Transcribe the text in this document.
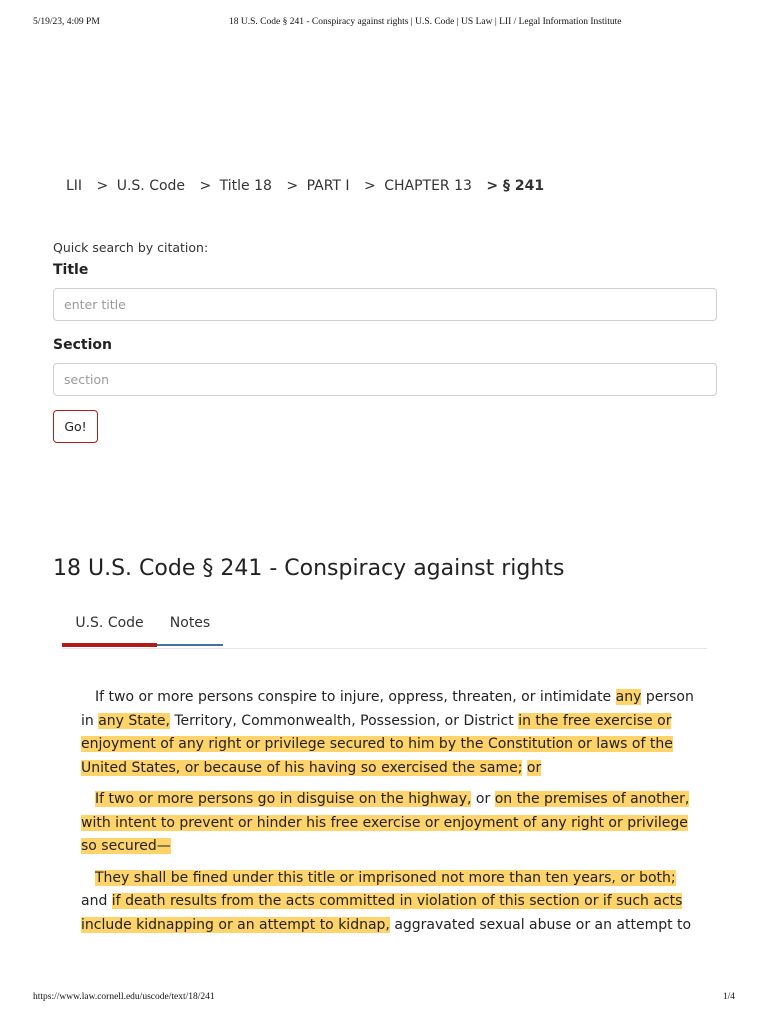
5/19/23, 4:09 PM	18 U.S. Code § 241 - Conspiracy against rights | U.S. Code | US Law | LII / Legal Information Institute
LII > U.S. Code > Title 18 > PART I > CHAPTER 13 > § 241
Quick search by citation:
Title
enter title
Section
section
Go!
18 U.S. Code § 241 - Conspiracy against rights
U.S. Code	Notes

If two or more persons conspire to injure, oppress, threaten, or intimidate any person in any State, Territory, Commonwealth, Possession, or District in the free exercise or enjoyment of any right or privilege secured to him by the Constitution or laws of the United States, or because of his having so exercised the same; or

If two or more persons go in disguise on the highway, or on the premises of another, with intent to prevent or hinder his free exercise or enjoyment of any right or privilege so secured—

They shall be fined under this title or imprisoned not more than ten years, or both; and if death results from the acts committed in violation of this section or if such acts include kidnapping or an attempt to kidnap, aggravated sexual abuse or an attempt to

https://www.law.cornell.edu/uscode/text/18/241	1/4
